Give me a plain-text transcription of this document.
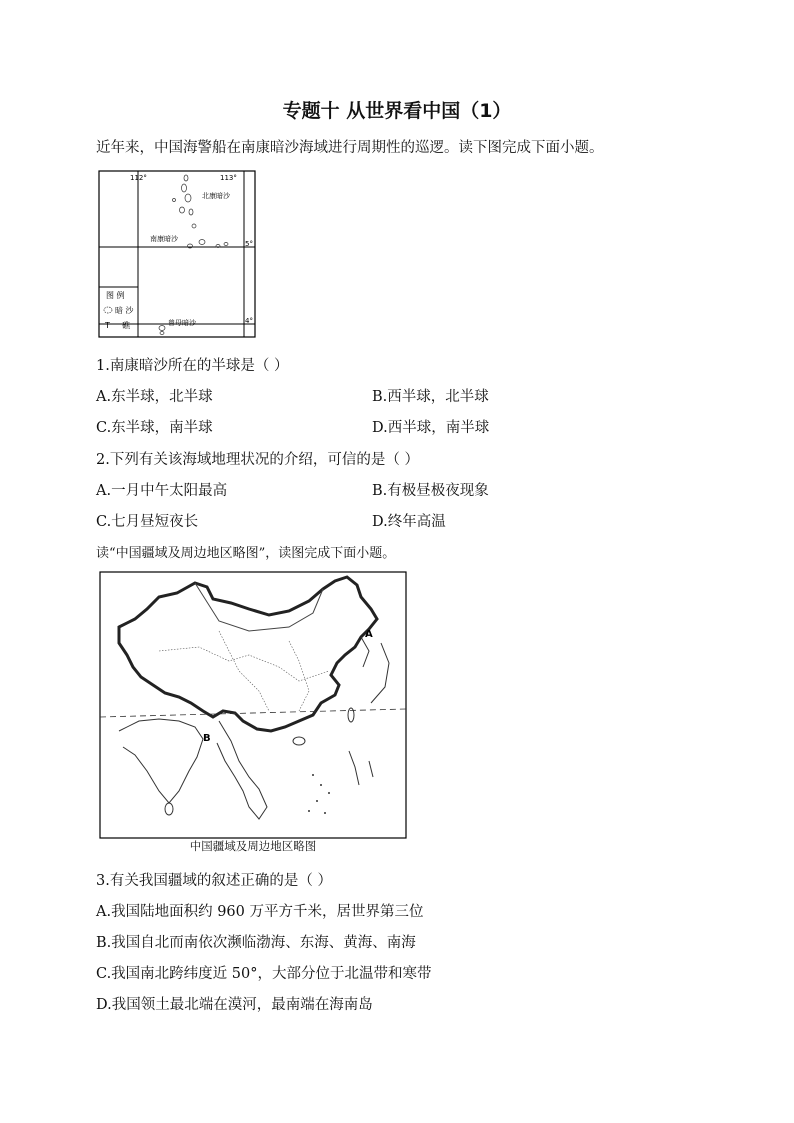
专题十 从世界看中国（1）
近年来，中国海警船在南康暗沙海域进行周期性的巡逻。读下图完成下面小题。
112°	113°
5°
4°
北康暗沙
南康暗沙
曾母暗沙
图 例
暗 沙
T 礁
1.南康暗沙所在的半球是（ ）
A.东半球，北半球	B.西半球，北半球
C.东半球，南半球	D.西半球，南半球
2.下列有关该海域地理状况的介绍，可信的是（ ）
A.一月中午太阳最高	B.有极昼极夜现象
C.七月昼短夜长	D.终年高温
读“中国疆域及周边地区略图”，读图完成下面小题。
A
B
中国疆域及周边地区略图
3.有关我国疆域的叙述正确的是（ ）
A.我国陆地面积约 960 万平方千米，居世界第三位
B.我国自北而南依次濒临渤海、东海、黄海、南海
C.我国南北跨纬度近 50°，大部分位于北温带和寒带
D.我国领土最北端在漠河，最南端在海南岛
